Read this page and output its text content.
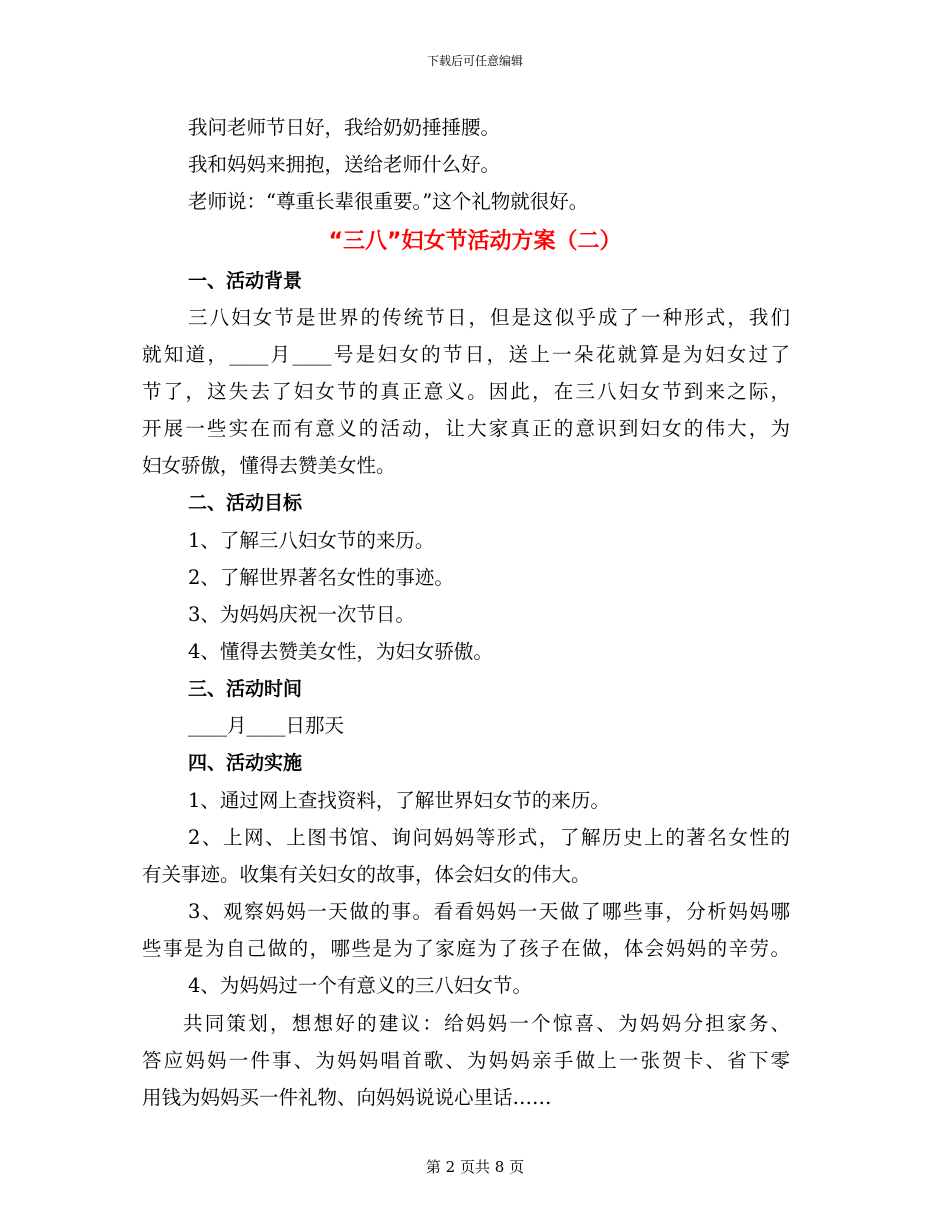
下载后可任意编辑
我问老师节日好，我给奶奶捶捶腰。
我和妈妈来拥抱，送给老师什么好。
老师说：“尊重长辈很重要。”这个礼物就很好。
“三八”妇女节活动方案（二）
一、活动背景
三八妇女节是世界的传统节日，但是这似乎成了一种形式，我们
就知道，____月____号是妇女的节日，送上一朵花就算是为妇女过了
节了，这失去了妇女节的真正意义。因此，在三八妇女节到来之际，
开展一些实在而有意义的活动，让大家真正的意识到妇女的伟大，为
妇女骄傲，懂得去赞美女性。
二、活动目标
1、了解三八妇女节的来历。
2、了解世界著名女性的事迹。
3、为妈妈庆祝一次节日。
4、懂得去赞美女性，为妇女骄傲。
三、活动时间
____月____日那天
四、活动实施
1、通过网上查找资料，了解世界妇女节的来历。
2、上网、上图书馆、询问妈妈等形式，了解历史上的著名女性的
有关事迹。收集有关妇女的故事，体会妇女的伟大。
3、观察妈妈一天做的事。看看妈妈一天做了哪些事，分析妈妈哪
些事是为自己做的，哪些是为了家庭为了孩子在做，体会妈妈的辛劳。
4、为妈妈过一个有意义的三八妇女节。
共同策划，想想好的建议：给妈妈一个惊喜、为妈妈分担家务、
答应妈妈一件事、为妈妈唱首歌、为妈妈亲手做上一张贺卡、省下零
用钱为妈妈买一件礼物、向妈妈说说心里话……
第 2 页共 8 页
